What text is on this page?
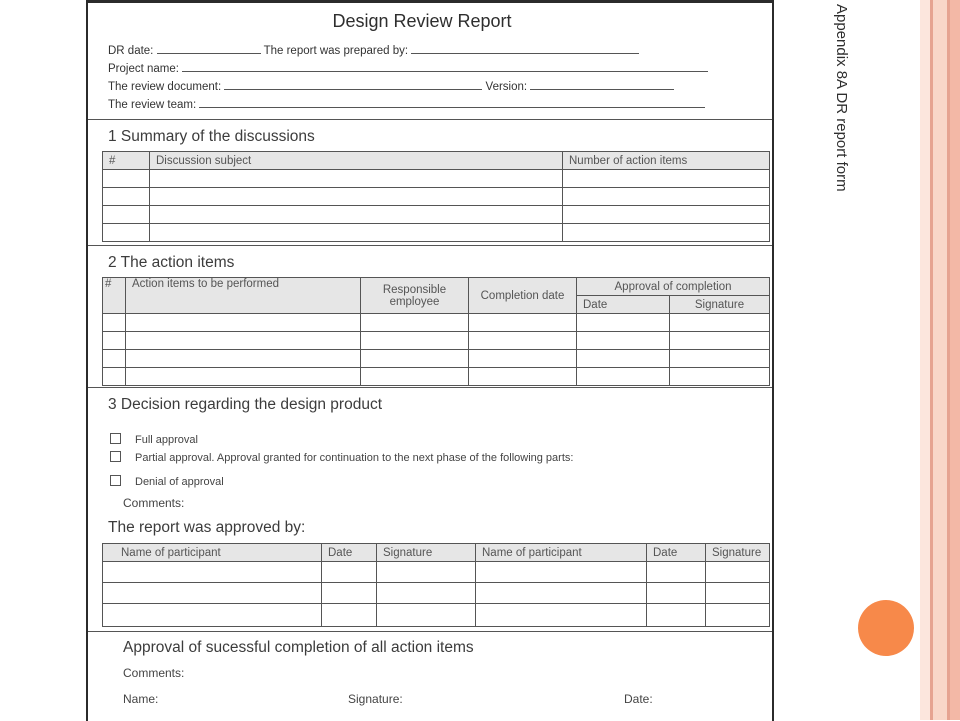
Appendix 8A DR report form
Design Review Report
DR date:	The report was prepared by:
Project name:
The review document:	Version:
The review team:
1 Summary of the discussions
#	Discussion subject	Number of action items

2 The action items
#	Action items to be performed	Responsible employee	Completion date	Approval of completion	
				Date	Signature

3 Decision regarding the design product
Full approval
Partial approval. Approval granted for continuation to the next phase of the following parts:
Denial of approval
Comments:
The report was approved by:
Name of participant	Date	Signature	Name of participant	Date	Signature

Approval of sucessful completion of all action items
Comments:
Name:	Signature:	Date:
